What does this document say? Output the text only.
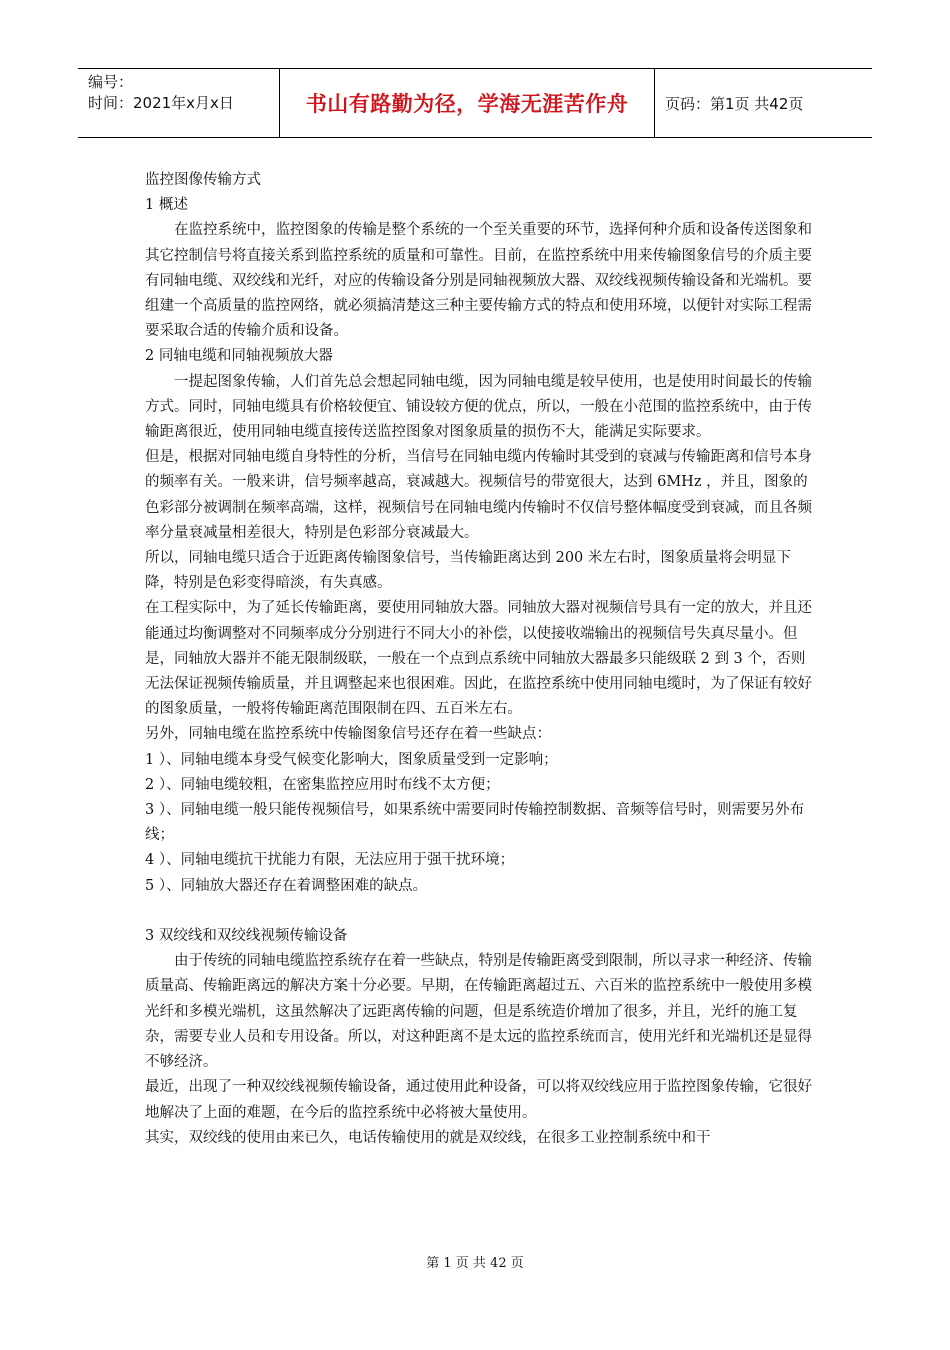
编号：
时间：2021年x月x日	书山有路勤为径，学海无涯苦作舟	页码：第1页 共42页

监控图像传输方式

1 概述

在监控系统中，监控图象的传输是整个系统的一个至关重要的环节，选择何种介质和设备传送图象和其它控制信号将直接关系到监控系统的质量和可靠性。目前，在监控系统中用来传输图象信号的介质主要有同轴电缆、双绞线和光纤，对应的传输设备分别是同轴视频放大器、双绞线视频传输设备和光端机。要组建一个高质量的监控网络，就必须搞清楚这三种主要传输方式的特点和使用环境，以便针对实际工程需要采取合适的传输介质和设备。

2 同轴电缆和同轴视频放大器

一提起图象传输，人们首先总会想起同轴电缆，因为同轴电缆是较早使用，也是使用时间最长的传输方式。同时，同轴电缆具有价格较便宜、铺设较方便的优点，所以，一般在小范围的监控系统中，由于传输距离很近，使用同轴电缆直接传送监控图象对图象质量的损伤不大，能满足实际要求。

但是，根据对同轴电缆自身特性的分析，当信号在同轴电缆内传输时其受到的衰减与传输距离和信号本身的频率有关。一般来讲，信号频率越高，衰减越大。视频信号的带宽很大，达到 6MHz ，并且，图象的色彩部分被调制在频率高端，这样，视频信号在同轴电缆内传输时不仅信号整体幅度受到衰减，而且各频率分量衰减量相差很大，特别是色彩部分衰减最大。

所以，同轴电缆只适合于近距离传输图象信号，当传输距离达到 200 米左右时，图象质量将会明显下降，特别是色彩变得暗淡，有失真感。

在工程实际中，为了延长传输距离，要使用同轴放大器。同轴放大器对视频信号具有一定的放大，并且还能通过均衡调整对不同频率成分分别进行不同大小的补偿，以使接收端输出的视频信号失真尽量小。但是，同轴放大器并不能无限制级联，一般在一个点到点系统中同轴放大器最多只能级联 2 到 3 个，否则无法保证视频传输质量，并且调整起来也很困难。因此，在监控系统中使用同轴电缆时，为了保证有较好的图象质量，一般将传输距离范围限制在四、五百米左右。

另外，同轴电缆在监控系统中传输图象信号还存在着一些缺点：

1 ）、同轴电缆本身受气候变化影响大，图象质量受到一定影响；

2 ）、同轴电缆较粗，在密集监控应用时布线不太方便；

3 ）、同轴电缆一般只能传视频信号，如果系统中需要同时传输控制数据、音频等信号时，则需要另外布线；

4 ）、同轴电缆抗干扰能力有限，无法应用于强干扰环境；

5 ）、同轴放大器还存在着调整困难的缺点。

3 双绞线和双绞线视频传输设备

由于传统的同轴电缆监控系统存在着一些缺点，特别是传输距离受到限制，所以寻求一种经济、传输质量高、传输距离远的解决方案十分必要。早期，在传输距离超过五、六百米的监控系统中一般使用多模光纤和多模光端机，这虽然解决了远距离传输的问题，但是系统造价增加了很多，并且，光纤的施工复杂，需要专业人员和专用设备。所以，对这种距离不是太远的监控系统而言，使用光纤和光端机还是显得不够经济。

最近，出现了一种双绞线视频传输设备，通过使用此种设备，可以将双绞线应用于监控图象传输，它很好地解决了上面的难题，在今后的监控系统中必将被大量使用。

其实，双绞线的使用由来已久，电话传输使用的就是双绞线，在很多工业控制系统中和干

第 1 页 共 42 页
